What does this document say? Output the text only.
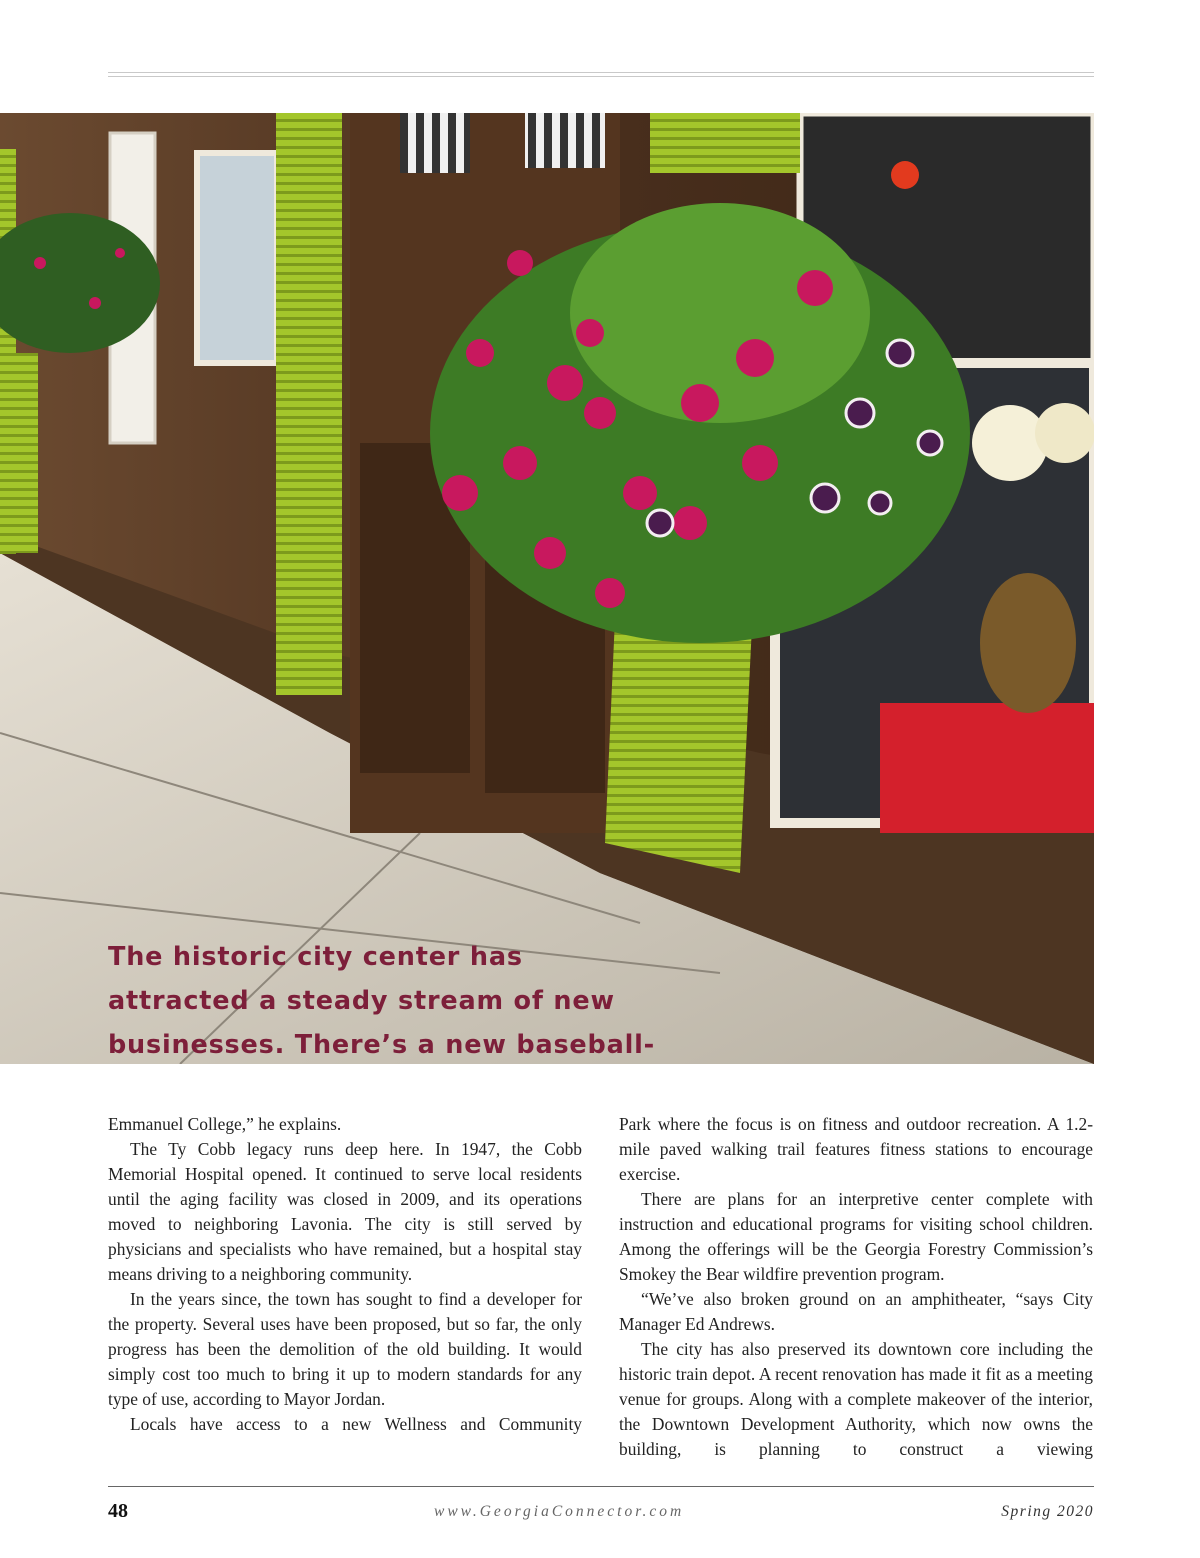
The historic city center has attracted a steady stream of new businesses. There’s a new baseball-

Emmanuel College,” he explains.

The Ty Cobb legacy runs deep here. In 1947, the Cobb Memorial Hospital opened. It continued to serve local residents until the aging facility was closed in 2009, and its operations moved to neighboring Lavonia. The city is still served by physicians and specialists who have remained, but a hospital stay means driving to a neighboring community.

In the years since, the town has sought to find a developer for the property. Several uses have been proposed, but so far, the only progress has been the demolition of the old building. It would simply cost too much to bring it up to modern standards for any type of use, according to Mayor Jordan.

Locals have access to a new Wellness and Community

Park where the focus is on fitness and outdoor recreation. A 1.2-mile paved walking trail features fitness stations to encourage exercise.

There are plans for an interpretive center complete with instruction and educational programs for visiting school children. Among the offerings will be the Georgia Forestry Commission’s Smokey the Bear wildfire prevention program.

“We’ve also broken ground on an amphitheater, “says City Manager Ed Andrews.

The city has also preserved its downtown core including the historic train depot. A recent renovation has made it fit as a meeting venue for groups. Along with a complete makeover of the interior, the Downtown Development Authority, which now owns the building, is planning to construct a viewing

48	www.GeorgiaConnector.com	Spring 2020
